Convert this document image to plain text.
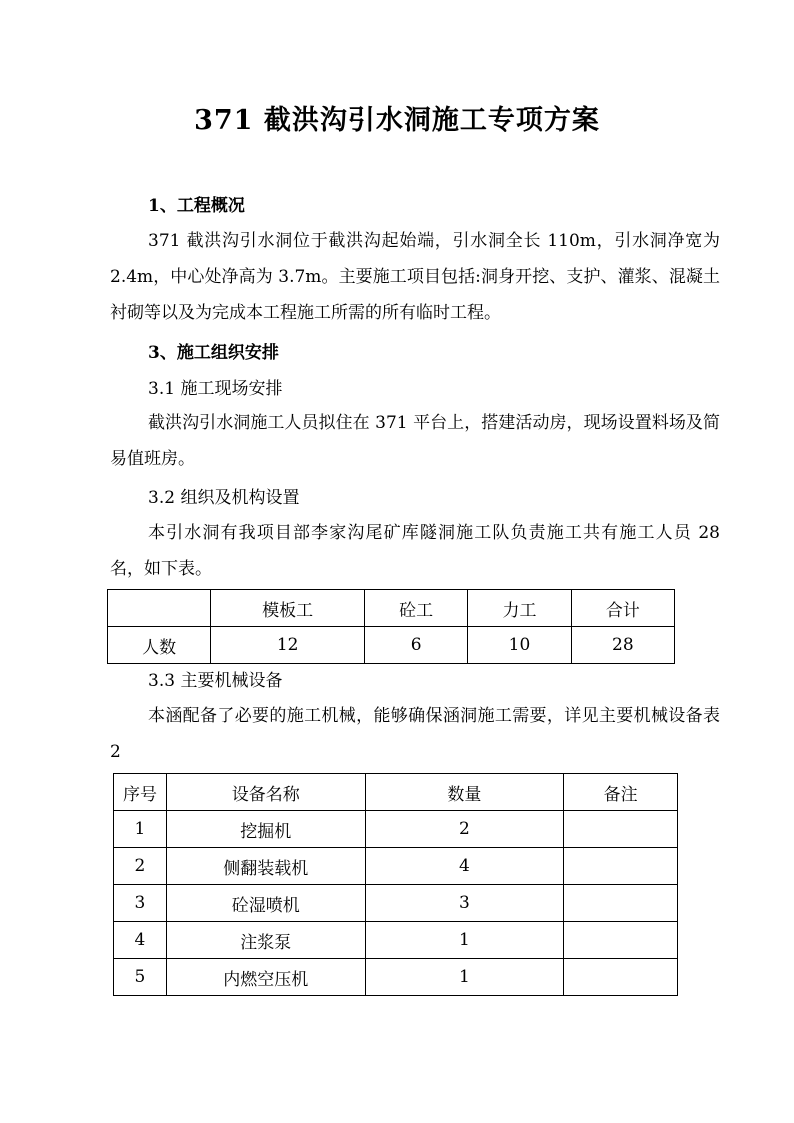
371 截洪沟引水洞施工专项方案
1、工程概况
371 截洪沟引水洞位于截洪沟起始端，引水洞全长 110m，引水洞净宽为 2.4m，中心处净高为 3.7m。主要施工项目包括:洞身开挖、支护、灌浆、混凝土衬砌等以及为完成本工程施工所需的所有临时工程。
3、施工组织安排
3.1 施工现场安排
截洪沟引水洞施工人员拟住在 371 平台上，搭建活动房，现场设置料场及简易值班房。
3.2 组织及机构设置
本引水洞有我项目部李家沟尾矿库隧洞施工队负责施工共有施工人员 28 名，如下表。
	模板工	砼工	力工	合计
人数	12	6	10	28
3.3 主要机械设备
本涵配备了必要的施工机械，能够确保涵洞施工需要，详见主要机械设备表 2
序号	设备名称	数量	备注
1	挖掘机	2	
2	侧翻装载机	4	
3	砼湿喷机	3	
4	注浆泵	1	
5	内燃空压机	1	
